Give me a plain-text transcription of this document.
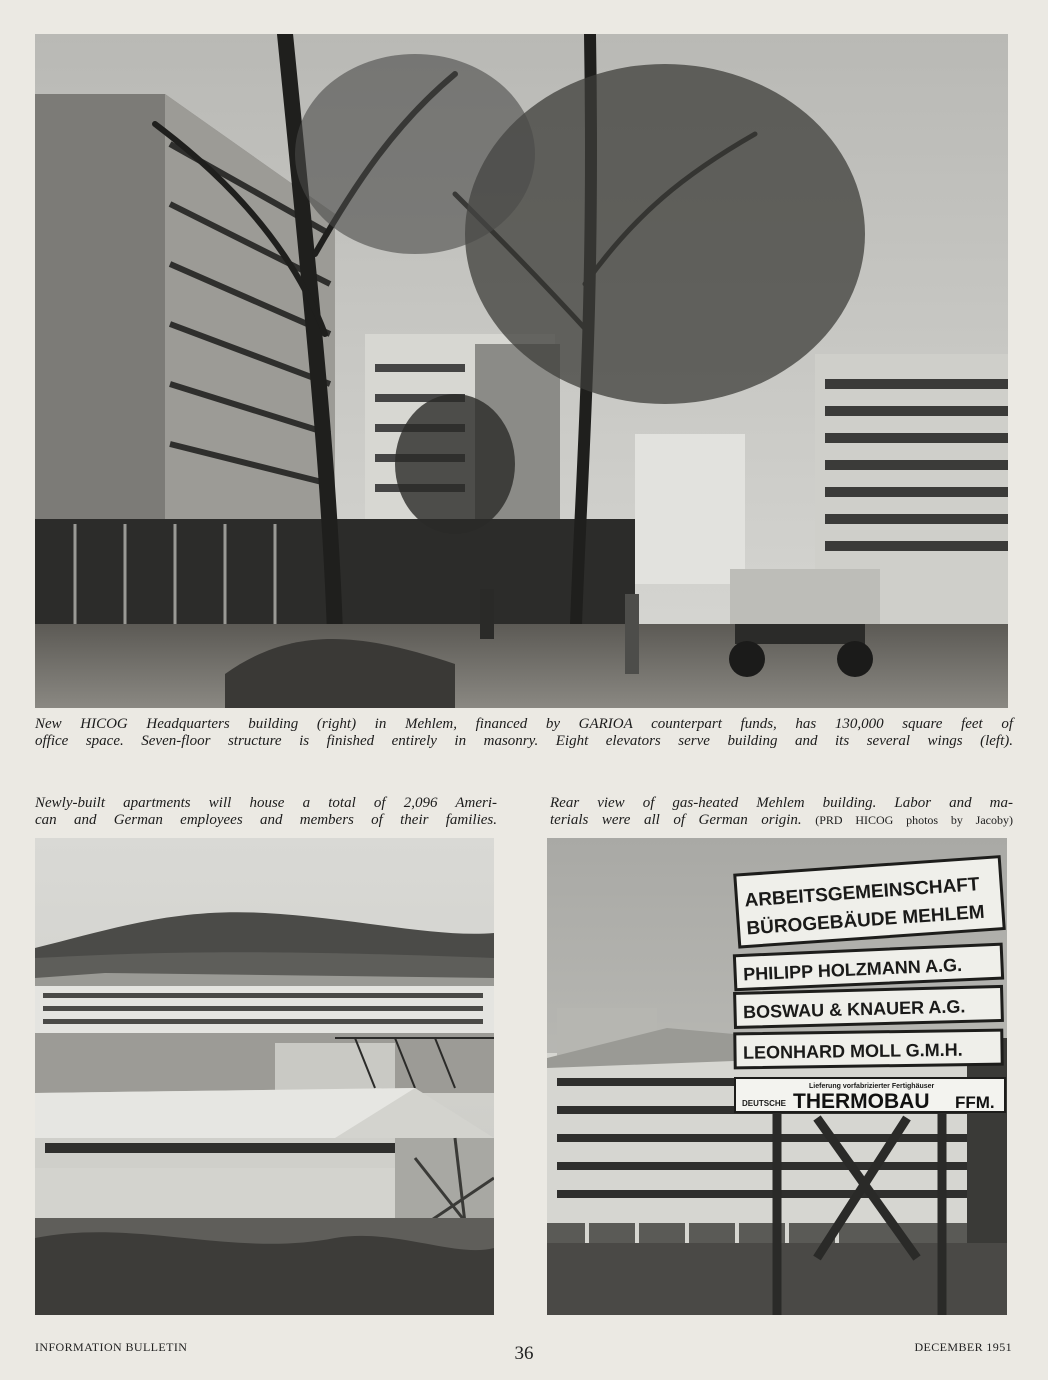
New HICOG Headquarters building (right) in Mehlem, financed by GARIOA counterpart funds, has 130,000 square feet of
office space. Seven-floor structure is finished entirely in masonry. Eight elevators serve building and its several wings (left).
Newly-built apartments will house a total of 2,096 Ameri-
can and German employees and members of their families.
Rear view of gas-heated Mehlem building. Labor and ma-
terials were all of German origin. (PRD HICOG photos by Jacoby)
ARBEITSGEMEINSCHAFT
BÜROGEBÄUDE MEHLEM
PHILIPP HOLZMANN A.G.
BOSWAU & KNAUER A.G.
LEONHARD MOLL G.M.H.
Lieferung vorfabrizierter Fertighäuser
DEUTSCHE THERMOBAU FFM.
INFORMATION BULLETIN	36	DECEMBER 1951
